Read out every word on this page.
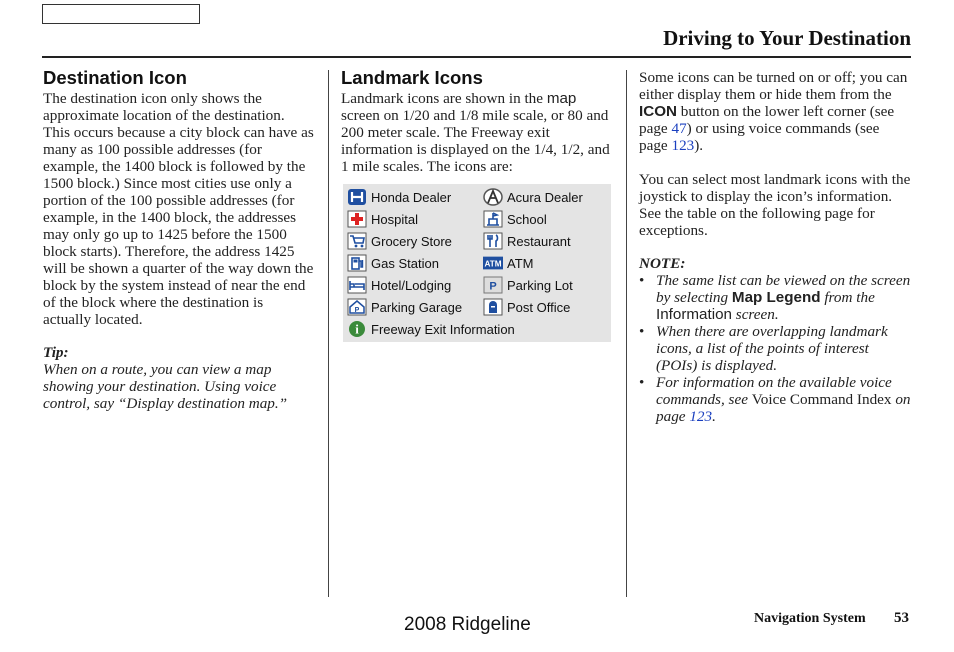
Driving to Your Destination
Destination Icon

The destination icon only shows the approximate location of the destination. This occurs because a city block can have as many as 100 possible addresses (for example, the 1400 block is followed by the 1500 block.) Since most cities use only a portion of the 100 possible addresses (for example, in the 1400 block, the addresses may only go up to 1425 before the 1500 block starts). Therefore, the address 1425 will be shown a quarter of the way down the block by the system instead of near the end of the block where the destination is actually located.

Tip:

When on a route, you can view a map showing your destination. Using voice control, say “Display destination map.”

Landmark Icons

Landmark icons are shown in the map screen on 1/20 and 1/8 mile scale, or 80 and 200 meter scale. The Freeway exit information is displayed on the 1/4, 1/2, and 1 mile scales. The icons are:

Honda Dealer	Acura Dealer
Hospital	School
Grocery Store	Restaurant
Gas Station	ATM ATM
Hotel/Lodging	P Parking Lot
P Parking Garage	Post Office
i Freeway Exit Information

Some icons can be turned on or off; you can either display them or hide them from the ICON button on the lower left corner (see page 47) or using voice commands (see page 123).

You can select most landmark icons with the joystick to display the icon’s information. See the table on the following page for exceptions.

NOTE:

• The same list can be viewed on the screen by selecting Map Legend from the Information screen.
• When there are overlapping landmark icons, a list of the points of interest (POIs) is displayed.
• For information on the available voice commands, see Voice Command Index on page 123.
2008 Ridgeline	Navigation System 53
